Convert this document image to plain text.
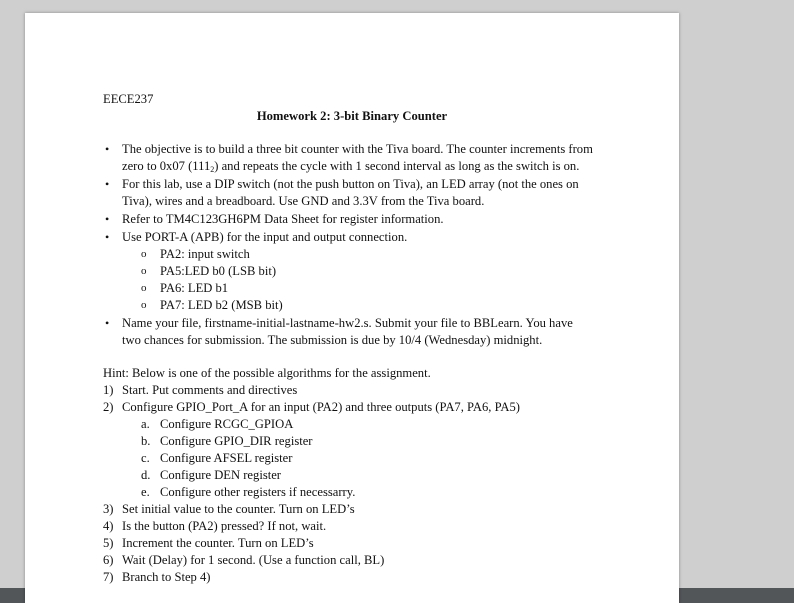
EECE237
Homework 2: 3-bit Binary Counter
• The objective is to build a three bit counter with the Tiva board. The counter increments from
zero to 0x07 $(111_2)$ and repeats the cycle with 1 second interval as long as the switch is on.
• For this lab, use a DIP switch (not the push button on Tiva), an LED array (not the ones on
Tiva), wires and a breadboard. Use GND and 3.3V from the Tiva board.
• Refer to TM4C123GH6PM Data Sheet for register information.
• Use PORT-A (APB) for the input and output connection.
o PA2: input switch
o PA5:LED b0 (LSB bit)
o PA6: LED b1
o PA7: LED b2 (MSB bit)
• Name your file, firstname-initial-lastname-hw2.s. Submit your file to BBLearn. You have
two chances for submission. The submission is due by 10/4 (Wednesday) midnight.
Hint: Below is one of the possible algorithms for the assignment.
1) Start. Put comments and directives
2) Configure GPIO_Port_A for an input (PA2) and three outputs (PA7, PA6, PA5)
a. Configure RCGC_GPIOA
b. Configure GPIO_DIR register
c. Configure AFSEL register
d. Configure DEN register
e. Configure other registers if necessarry.
3) Set initial value to the counter. Turn on LED’s
4) Is the button (PA2) pressed? If not, wait.
5) Increment the counter. Turn on LED’s
6) Wait (Delay) for 1 second. (Use a function call, BL)
7) Branch to Step 4)
